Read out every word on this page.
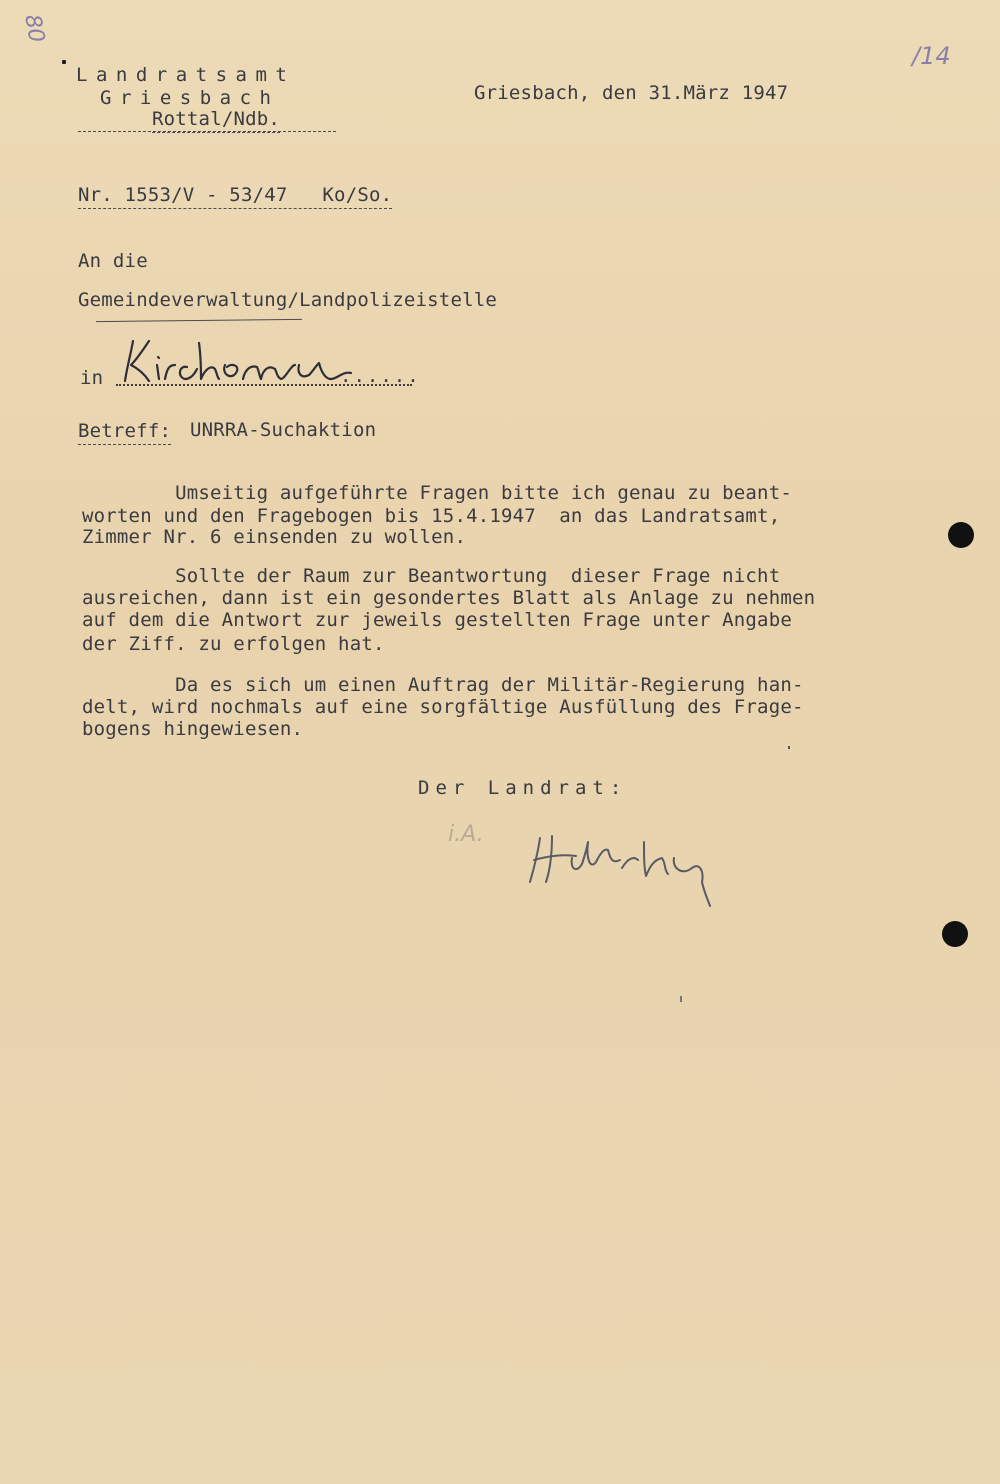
80
/14
Landratsamt
Griesbach
Rottal/Ndb.
Griesbach, den 31.März 1947
Nr. 1553/V - 53/47   Ko/So.
An die
Gemeindeverwaltung/Landpolizeistelle
in	......
Betreff: UNRRA-Suchaktion
Umseitig aufgeführte Fragen bitte ich genau zu beant-
worten und den Fragebogen bis 15.4.1947  an das Landratsamt,
Zimmer Nr. 6 einsenden zu wollen.
Sollte der Raum zur Beantwortung  dieser Frage nicht
ausreichen, dann ist ein gesondertes Blatt als Anlage zu nehmen
auf dem die Antwort zur jeweils gestellten Frage unter Angabe
der Ziff. zu erfolgen hat.
Da es sich um einen Auftrag der Militär-Regierung han-
delt, wird nochmals auf eine sorgfältige Ausfüllung des Frage-
bogens hingewiesen.
Der Landrat:
i.A.
